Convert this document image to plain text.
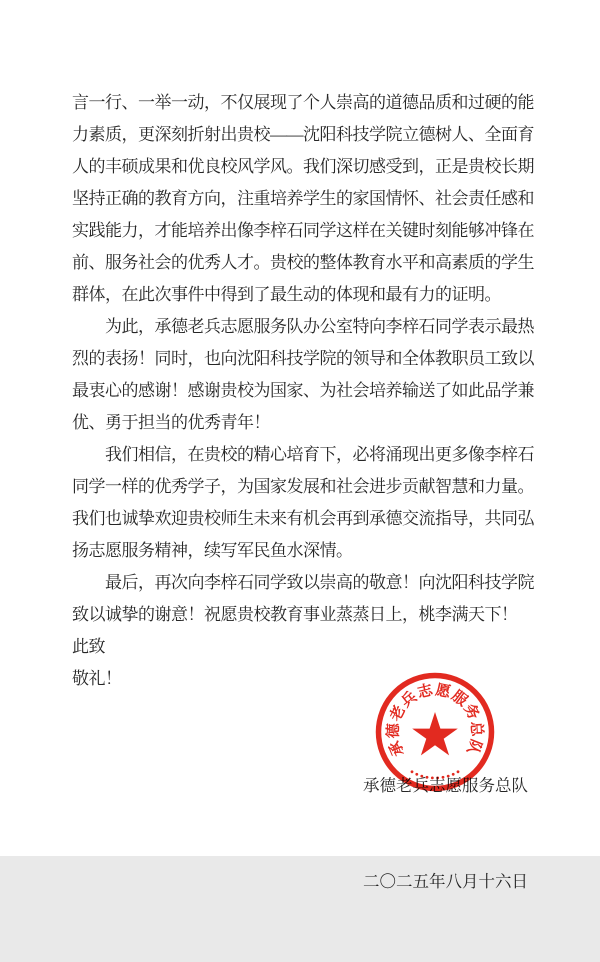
言一行、一举一动，不仅展现了个人崇高的道德品质和过硬的能
力素质，更深刻折射出贵校——沈阳科技学院立德树人、全面育
人的丰硕成果和优良校风学风。我们深切感受到，正是贵校长期
坚持正确的教育方向，注重培养学生的家国情怀、社会责任感和
实践能力，才能培养出像李梓石同学这样在关键时刻能够冲锋在
前、服务社会的优秀人才。贵校的整体教育水平和高素质的学生
群体，在此次事件中得到了最生动的体现和最有力的证明。
　　为此，承德老兵志愿服务队办公室特向李梓石同学表示最热
烈的表扬！同时，也向沈阳科技学院的领导和全体教职员工致以
最衷心的感谢！感谢贵校为国家、为社会培养输送了如此品学兼
优、勇于担当的优秀青年！
　　我们相信，在贵校的精心培育下，必将涌现出更多像李梓石
同学一样的优秀学子，为国家发展和社会进步贡献智慧和力量。
我们也诚挚欢迎贵校师生未来有机会再到承德交流指导，共同弘
扬志愿服务精神，续写军民鱼水深情。
　　最后，再次向李梓石同学致以崇高的敬意！向沈阳科技学院
致以诚挚的谢意！祝愿贵校教育事业蒸蒸日上，桃李满天下！
此致
敬礼！
承德老兵志愿服务总队

承德老兵志愿服务总队

二〇二五年八月十六日
